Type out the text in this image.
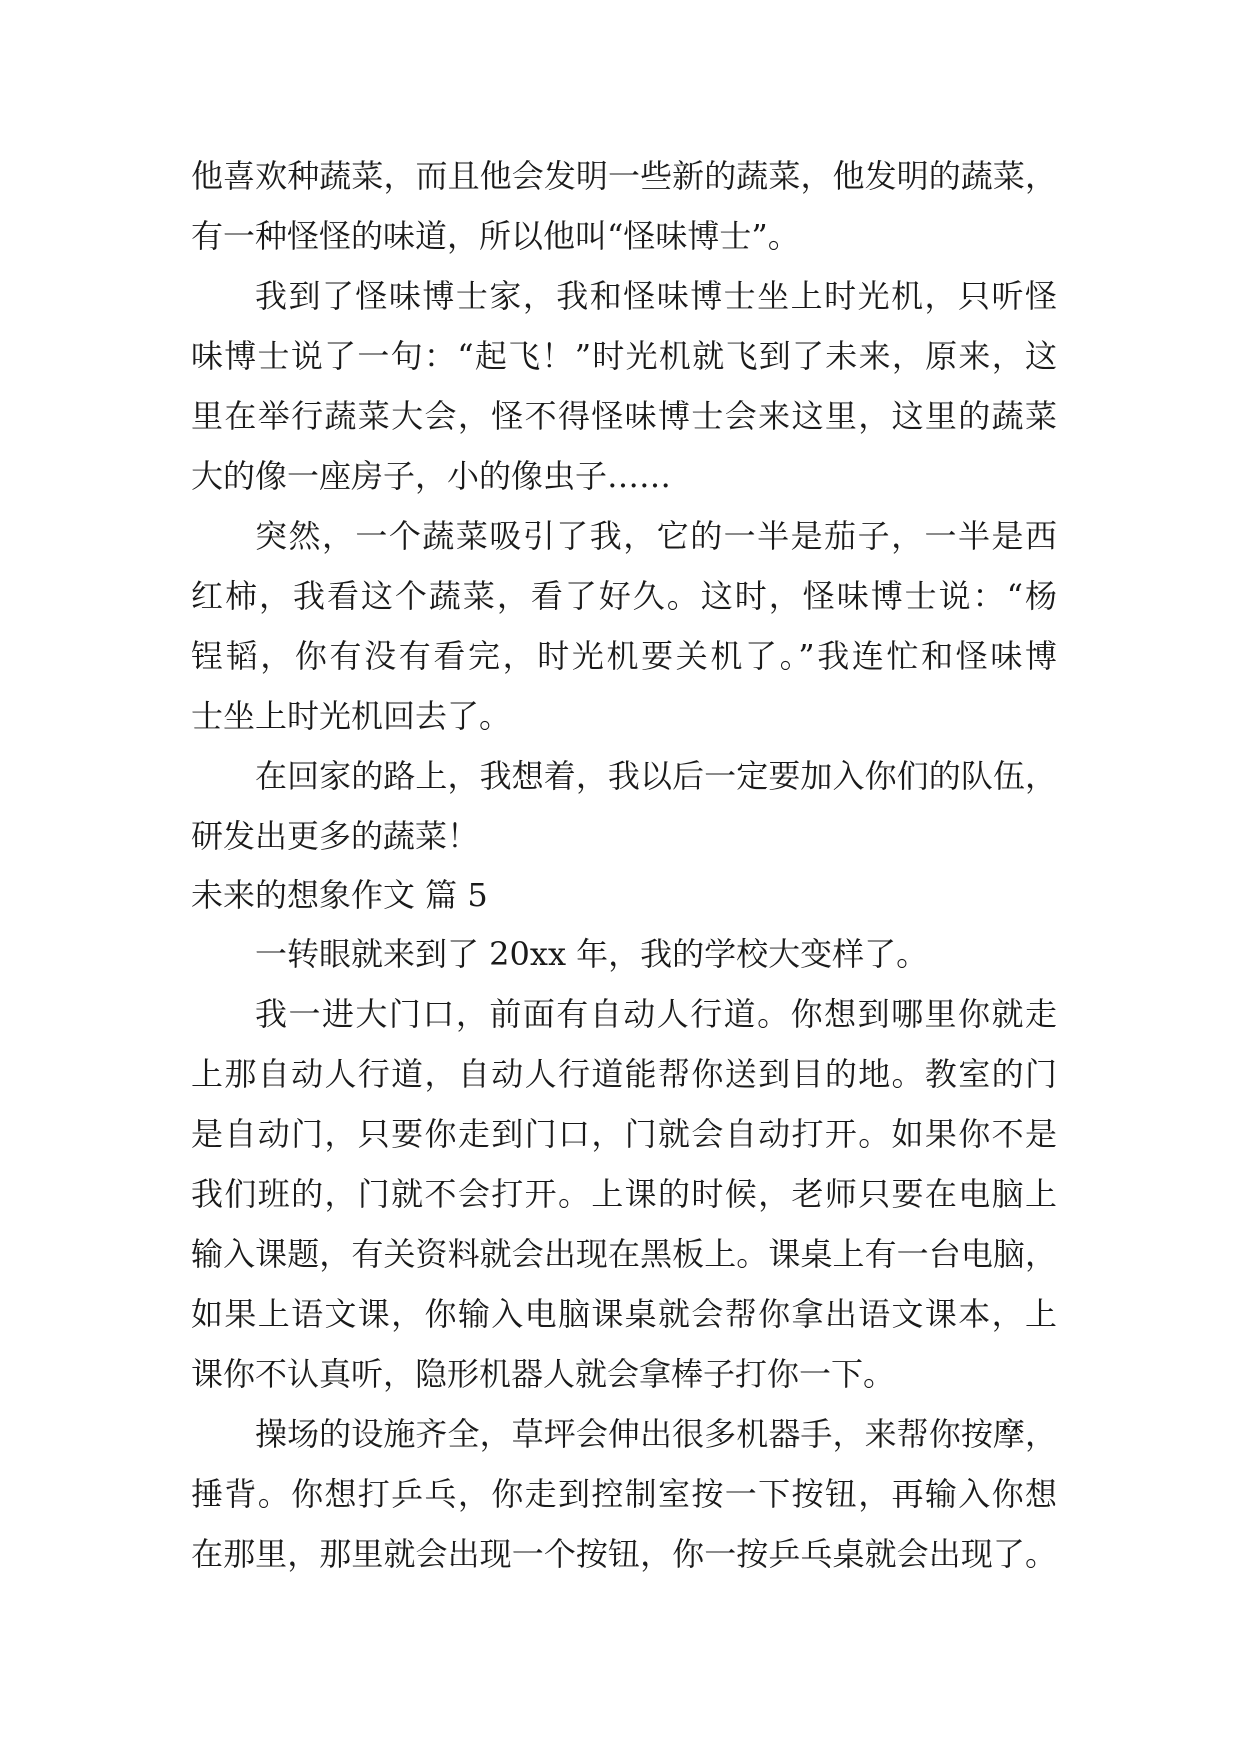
他喜欢种蔬菜，而且他会发明一些新的蔬菜，他发明的蔬菜，
有一种怪怪的味道，所以他叫“怪味博士”。
我到了怪味博士家，我和怪味博士坐上时光机，只听怪
味博士说了一句：“起飞！”时光机就飞到了未来，原来，这
里在举行蔬菜大会，怪不得怪味博士会来这里，这里的蔬菜
大的像一座房子，小的像虫子……
突然，一个蔬菜吸引了我，它的一半是茄子，一半是西
红柿，我看这个蔬菜，看了好久。这时，怪味博士说：“杨
锃韬，你有没有看完，时光机要关机了。”我连忙和怪味博
士坐上时光机回去了。
在回家的路上，我想着，我以后一定要加入你们的队伍，
研发出更多的蔬菜！
未来的想象作文 篇 5
一转眼就来到了 20xx 年，我的学校大变样了。
我一进大门口，前面有自动人行道。你想到哪里你就走
上那自动人行道，自动人行道能帮你送到目的地。教室的门
是自动门，只要你走到门口，门就会自动打开。如果你不是
我们班的，门就不会打开。上课的时候，老师只要在电脑上
输入课题，有关资料就会出现在黑板上。课桌上有一台电脑，
如果上语文课，你输入电脑课桌就会帮你拿出语文课本，上
课你不认真听，隐形机器人就会拿棒子打你一下。
操场的设施齐全，草坪会伸出很多机器手，来帮你按摩，
捶背。你想打乒乓，你走到控制室按一下按钮，再输入你想
在那里，那里就会出现一个按钮，你一按乒乓桌就会出现了。
